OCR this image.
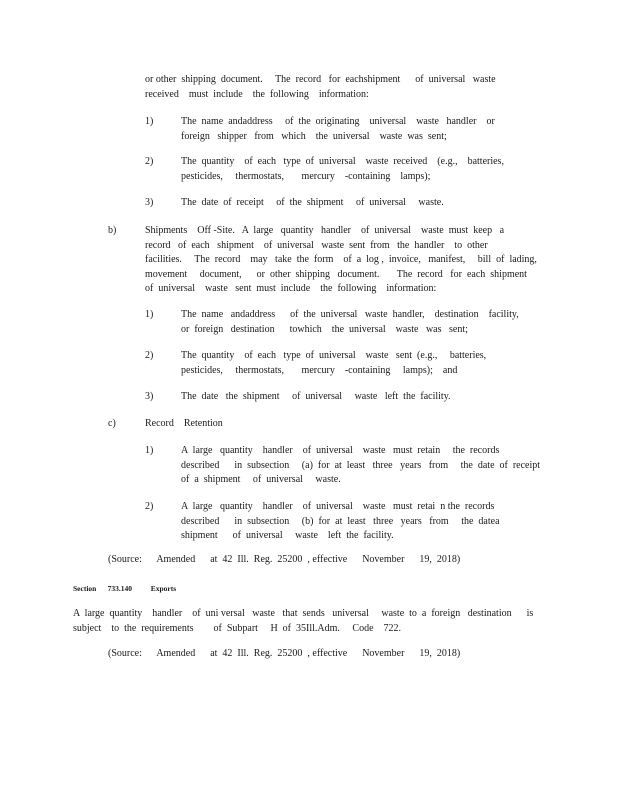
or other  shipping  document.     The  record   for  eachshipment      of  universal   waste
received    must  include    the  following    information:
1)	The  name  andaddress     of  the  originating    universal    waste   handler    or
foreign   shipper   from   which    the  universal    waste  was  sent;
2)	The  quantity    of  each   type  of  universal    waste  received    (e.g.,    batteries,
pesticides,     thermostats,       mercury    -containing    lamps);
3)	The  date  of  receipt     of  the  shipment     of  universal     waste.
b)	Shipments    Off -Site.   A  large   quantity   handler    of  universal    waste  must  keep   a
record   of  each   shipment    of  universal   waste  sent  from   the  handler    to  other
facilities.     The  record    may   take  the  form    of  a  log ,  invoice,   manifest,     bill  of  lading,
movement     document,      or  other  shipping   document.       The  record   for  each  shipment
of  universal    waste   sent  must  include    the  following    information:
1)	The  name   andaddress      of  the  universal   waste  handler,    destination    facility,
or  foreign   destination      towhich    the  universal    waste   was   sent;
2)	The  quantity    of  each   type  of  universal    waste   sent  (e.g.,     batteries,
pesticides,     thermostats,       mercury    -containing     lamps);    and
3)	The  date   the  shipment     of  universal     waste   left  the  facility.
c)	Record    Retention
1)	A  large   quantity    handler    of  universal    waste   must  retain     the  records
described      in  subsection     (a)  for  at  least   three   years   from     the  date  of  receipt
of  a  shipment     of  universal     waste.
2)	A  large   quantity    handler    of  universal    waste   must  retai  n the  records
described      in  subsection     (b)  for  at  least   three   years   from     the  datea
shipment      of  universal     waste    left  the  facility.
(Source:      Amended      at  42  Ill.  Reg.  25200  , effective      November      19,  2018)
Section      733.140          Exports
A  large  quantity    handler    of  uni versal   waste   that  sends   universal     waste  to  a  foreign   destination      is
subject    to  the  requirements        of  Subpart     H  of  35Ill.Adm.     Code    722.
(Source:      Amended      at  42  Ill.  Reg.  25200  , effective      November      19,  2018)
